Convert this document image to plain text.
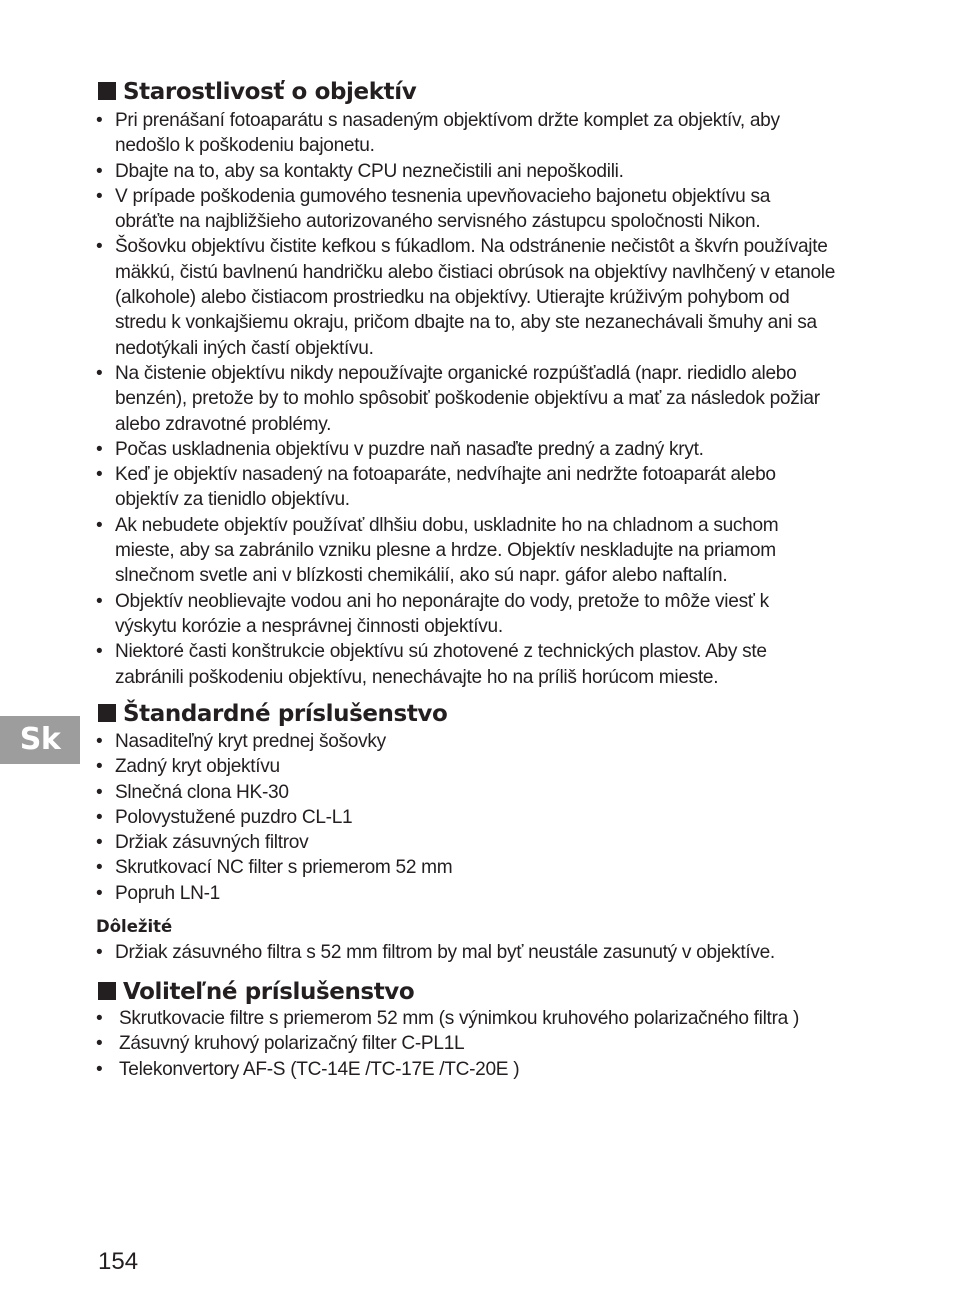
Starostlivosť o objektív
• Pri prenášaní fotoaparátu s nasadeným objektívom držte komplet za objektív, aby
nedošlo k poškodeniu bajonetu.
• Dbajte na to, aby sa kontakty CPU neznečistili ani nepoškodili.
• V prípade poškodenia gumového tesnenia upevňovacieho bajonetu objektívu sa
obráťte na najbližšieho autorizovaného servisného zástupcu spoločnosti Nikon.
• Šošovku objektívu čistite kefkou s fúkadlom. Na odstránenie nečistôt a škvŕn používajte
mäkkú, čistú bavlnenú handričku alebo čistiaci obrúsok na objektívy navlhčený v etanole
(alkohole) alebo čistiacom prostriedku na objektívy. Utierajte krúživým pohybom od
stredu k vonkajšiemu okraju, pričom dbajte na to, aby ste nezanechávali šmuhy ani sa
nedotýkali iných častí objektívu.
• Na čistenie objektívu nikdy nepoužívajte organické rozpúšťadlá (napr. riedidlo alebo
benzén), pretože by to mohlo spôsobiť poškodenie objektívu a mať za následok požiar
alebo zdravotné problémy.
• Počas uskladnenia objektívu v puzdre naň nasaďte predný a zadný kryt.
• Keď je objektív nasadený na fotoaparáte, nedvíhajte ani nedržte fotoaparát alebo
objektív za tienidlo objektívu.
• Ak nebudete objektív používať dlhšiu dobu, uskladnite ho na chladnom a suchom
mieste, aby sa zabránilo vzniku plesne a hrdze. Objektív neskladujte na priamom
slnečnom svetle ani v blízkosti chemikálií, ako sú napr. gáfor alebo naftalín.
• Objektív neoblievajte vodou ani ho neponárajte do vody, pretože to môže viesť k
výskytu korózie a nesprávnej činnosti objektívu.
• Niektoré časti konštrukcie objektívu sú zhotovené z technických plastov. Aby ste
zabránili poškodeniu objektívu, nenechávajte ho na príliš horúcom mieste.
Štandardné príslušenstvo
• Nasaditeľný kryt prednej šošovky
• Zadný kryt objektívu
• Slnečná clona HK-30
• Polovystužené puzdro CL-L1
• Držiak zásuvných filtrov
• Skrutkovací NC filter s priemerom 52 mm
• Popruh LN-1
Dôležité
• Držiak zásuvného filtra s 52 mm filtrom by mal byť neustále zasunutý v objektíve.
Voliteľné príslušenstvo
• Skrutkovacie filtre s priemerom 52 mm (s výnimkou kruhového polarizačného filtra )
• Zásuvný kruhový polarizačný filter C-PL1L
• Telekonvertory AF-S (TC-14E /TC-17E /TC-20E )
Sk
154
